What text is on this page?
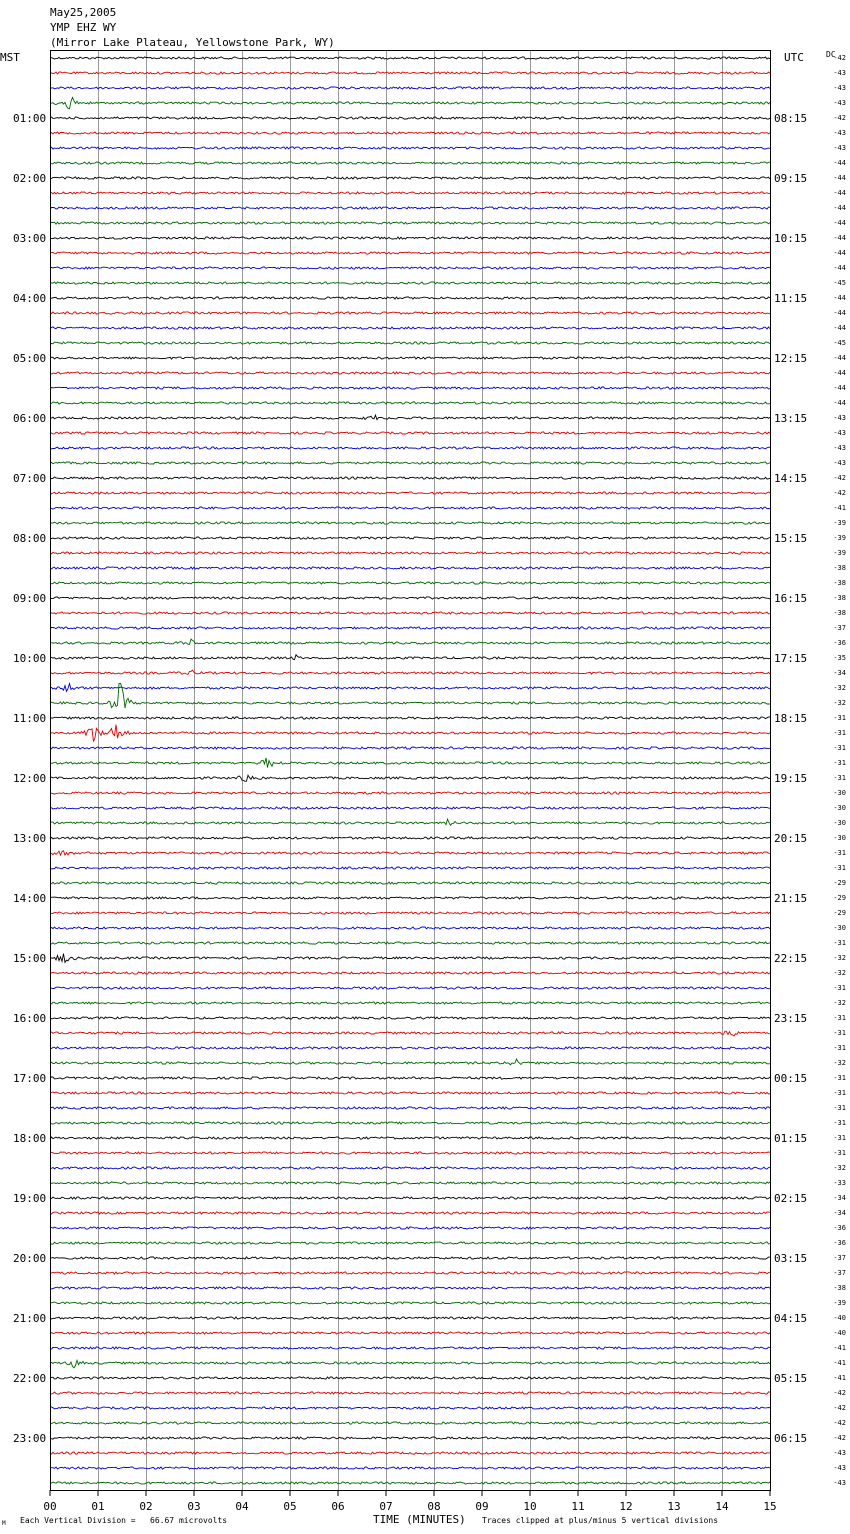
May25,2005
YMP EHZ WY
(Mirror Lake Plateau, Yellowstone Park, WY)
MST	UTC	DC
01:00
02:00
03:00
04:00
05:00
06:00
07:00
08:00
09:00
10:00
11:00
12:00
13:00
14:00
15:00
16:00
17:00
18:00
19:00
20:00
21:00
22:00
23:00
08:15
09:15
10:15
11:15
12:15
13:15
14:15
15:15
16:15
17:15
18:15
19:15
20:15
21:15
22:15
23:15
00:15
01:15
02:15
03:15
04:15
05:15
06:15
-42
-43
-43
-43
-42
-43
-43
-44
-44
-44
-44
-44
-44
-44
-44
-45
-44
-44
-44
-45
-44
-44
-44
-44
-43
-43
-43
-43
-42
-42
-41
-39
-39
-39
-38
-38
-38
-38
-37
-36
-35
-34
-32
-32
-31
-31
-31
-31
-31
-30
-30
-30
-30
-31
-31
-29
-29
-29
-30
-31
-32
-32
-31
-32
-31
-31
-31
-32
-31
-31
-31
-31
-31
-31
-32
-33
-34
-34
-36
-36
-37
-37
-38
-39
-40
-40
-41
-41
-41
-42
-42
-42
-42
-43
-43
-43
00	01	02	03	04	05	06	07	08	09	10	11	12	13	14	15
M Each Vertical Division =   66.67 microvolts	TIME (MINUTES) Traces clipped at plus/minus 5 vertical divisions
